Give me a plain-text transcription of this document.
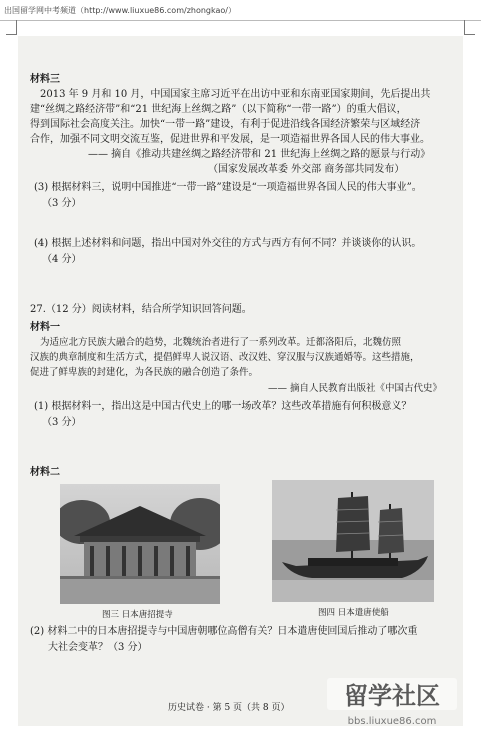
出国留学网中考频道（http://www.liuxue86.com/zhongkao/）
材料三
2013 年 9 月和 10 月，中国国家主席习近平在出访中亚和东南亚国家期间，先后提出共
建“丝绸之路经济带”和“21 世纪海上丝绸之路”（以下简称“一带一路”）的重大倡议，
得到国际社会高度关注。加快“一带一路”建设，有利于促进沿线各国经济繁荣与区域经济
合作，加强不同文明交流互鉴，促进世界和平发展，是一项造福世界各国人民的伟大事业。
—— 摘自《推动共建丝绸之路经济带和 21 世纪海上丝绸之路的愿景与行动》
（国家发展改革委 外交部 商务部共同发布）
(3) 根据材料三，说明中国推进“一带一路”建设是“一项造福世界各国人民的伟大事业”。
（3 分）
(4) 根据上述材料和问题，指出中国对外交往的方式与西方有何不同？并谈谈你的认识。
（4 分）
27.（12 分）阅读材料，结合所学知识回答问题。
材料一
为适应北方民族大融合的趋势，北魏统治者进行了一系列改革。迁都洛阳后，北魏仿照
汉族的典章制度和生活方式，提倡鲜卑人说汉语、改汉姓、穿汉服与汉族通婚等。这些措施，
促进了鲜卑族的封建化，为各民族的融合创造了条件。
—— 摘自人民教育出版社《中国古代史》
(1) 根据材料一，指出这是中国古代史上的哪一场改革？这些改革措施有何积极意义？
（3 分）
材料二
图三 日本唐招提寺	图四 日本遣唐使船
(2) 材料二中的日本唐招提寺与中国唐朝哪位高僧有关？日本遣唐使回国后推动了哪次重
大社会变革？（3 分）
历史试卷 · 第 5 页（共 8 页） 留学社区
bbs.liuxue86.com
